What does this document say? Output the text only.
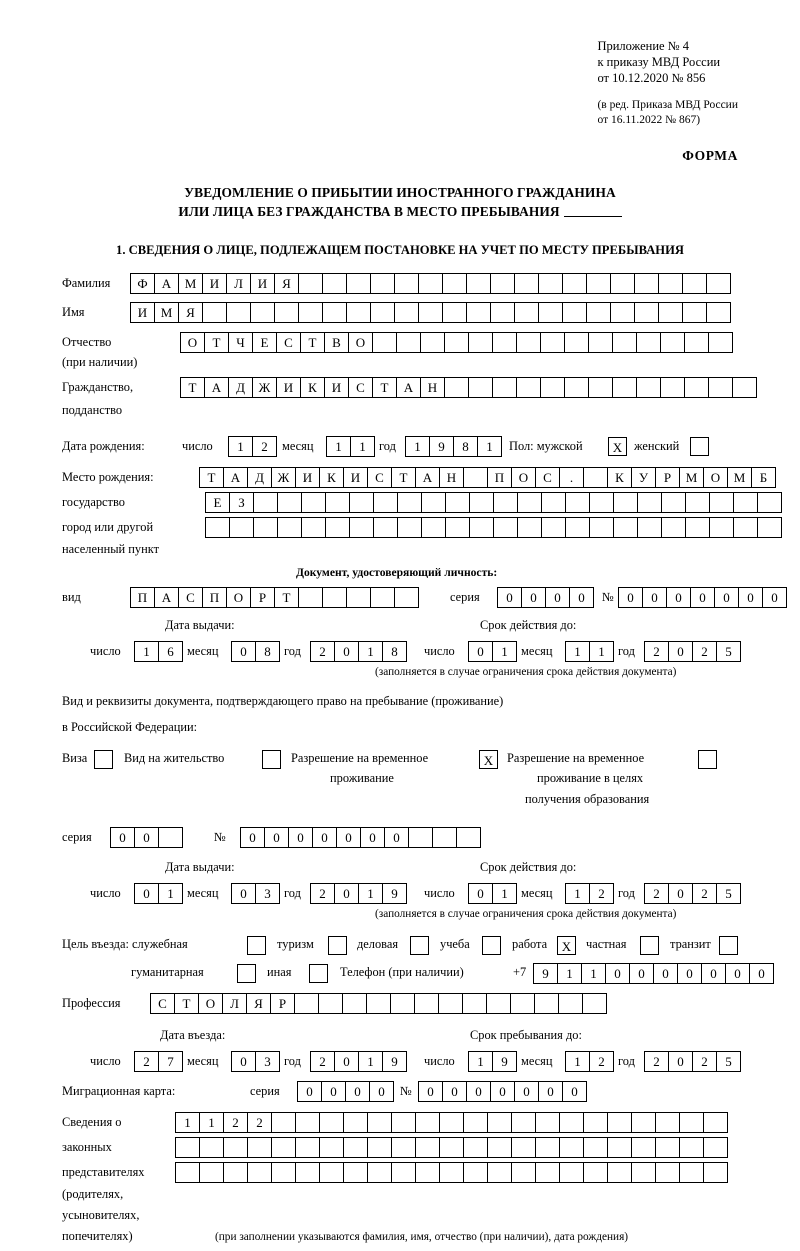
Приложение № 4
к приказу МВД России
от 10.12.2020 № 856
(в ред. Приказа МВД России
от 16.11.2022 № 867)
ФОРМА
УВЕДОМЛЕНИЕ О ПРИБЫТИИ ИНОСТРАННОГО ГРАЖДАНИНА
ИЛИ ЛИЦА БЕЗ ГРАЖДАНСТВА В МЕСТО ПРЕБЫВАНИЯ
1. СВЕДЕНИЯ О ЛИЦЕ, ПОДЛЕЖАЩЕМ ПОСТАНОВКЕ НА УЧЕТ ПО МЕСТУ ПРЕБЫВАНИЯ
Фамилия	Ф	А	М	И	Л	И	Я
Имя	И	М	Я
Отчество	О	Т	Ч	Е	С	Т	В	О
(при наличии)
Гражданство,	Т	А	Д	Ж	И	К	И	С	Т	А	Н
подданство
Дата рождения:	число	1	2	месяц	1	1	год	1	9	8	1	Пол: мужской	X женский
Место рождения:	Т	А	Д	Ж	И	К	И	С	Т	А	Н	П	О	С	.	К	У	Р	М	О	М	Б
государство	Е	З
город или другой
населенный пункт
Документ, удостоверяющий личность:
вид	П	А	С	П	О	Р	Т	серия	0	0	0	0	№	0	0	0	0	0	0	0
Дата выдачи:	Срок действия до:
число	1	6	месяц	0	8	год	2	0	1	8	число	0	1	месяц	1	1	год	2	0	2	5
(заполняется в случае ограничения срока действия документа)
Вид и реквизиты документа, подтверждающего право на пребывание (проживание)
в Российской Федерации:
Виза	Вид на жительство	Разрешение на временное	X	Разрешение на временное
проживание	проживание в целях
получения образования
серия	0	0	№	0	0	0	0	0	0	0
Дата выдачи:	Срок действия до:
число	0	1	месяц	0	3	год	2	0	1	9	число	0	1	месяц	1	2	год	2	0	2	5
(заполняется в случае ограничения срока действия документа)
Цель въезда: служебная	туризм	деловая	учеба	работа	X	частная	транзит
гуманитарная	иная	Телефон (при наличии)	+7	9	1	1	0	0	0	0	0	0	0
Профессия	С	Т	О	Л	Я	Р
Дата въезда:	Срок пребывания до:
число	2	7	месяц	0	3	год	2	0	1	9	число	1	9	месяц	1	2	год	2	0	2	5
Миграционная карта:	серия	0	0	0	0	№	0	0	0	0	0	0	0
Сведения о	1	1	2	2
законных
представителях
(родителях,
усыновителях,
попечителях)	(при заполнении указываются фамилия, имя, отчество (при наличии), дата рождения)
